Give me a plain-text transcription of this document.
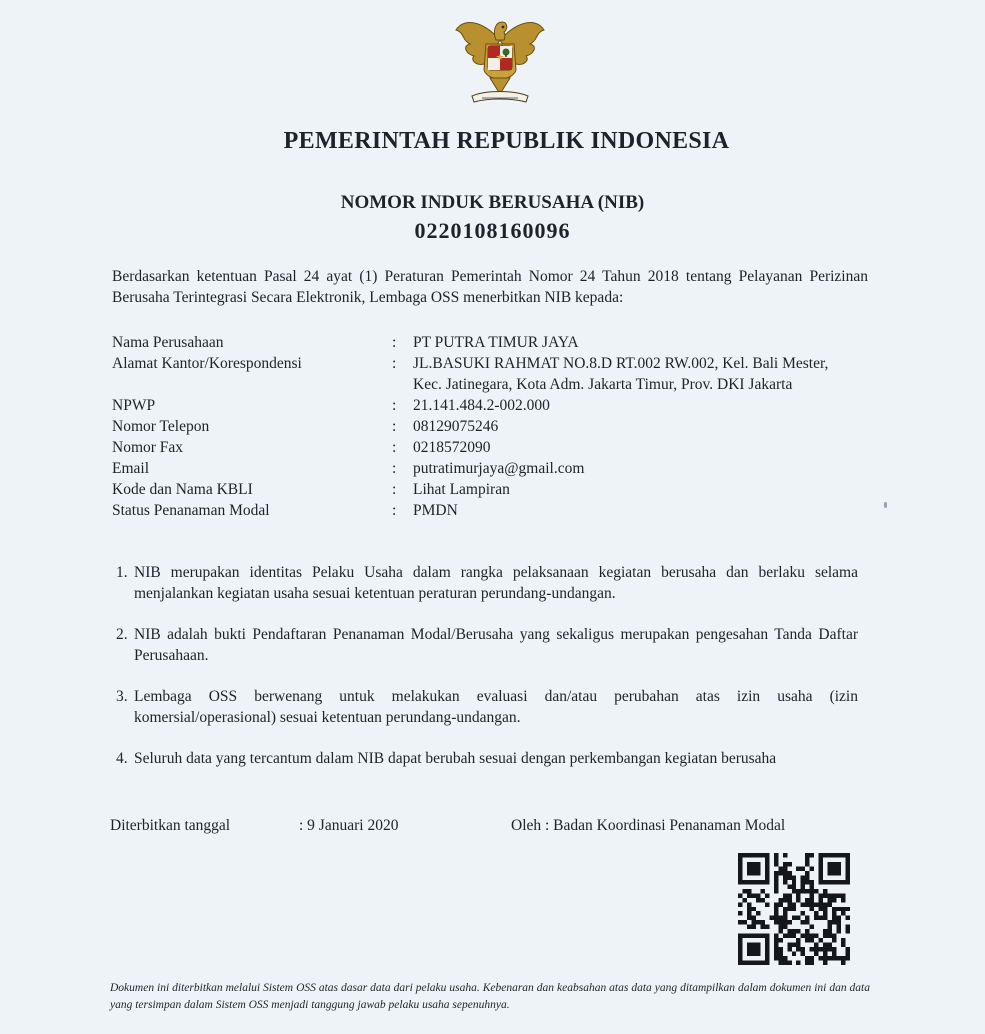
PEMERINTAH REPUBLIK INDONESIA
NOMOR INDUK BERUSAHA (NIB)
0220108160096
Berdasarkan ketentuan Pasal 24 ayat (1) Peraturan Pemerintah Nomor 24 Tahun 2018 tentang Pelayanan Perizinan Berusaha Terintegrasi Secara Elektronik, Lembaga OSS menerbitkan NIB kepada:
Nama Perusahaan	: PT PUTRA TIMUR JAYA
Alamat Kantor/Korespondensi	: JL.BASUKI RAHMAT NO.8.D RT.002 RW.002, Kel. Bali Mester, Kec. Jatinegara, Kota Adm. Jakarta Timur, Prov. DKI Jakarta
NPWP	: 21.141.484.2-002.000
Nomor Telepon	: 08129075246
Nomor Fax	: 0218572090
Email	: putratimurjaya@gmail.com
Kode dan Nama KBLI	: Lihat Lampiran
Status Penanaman Modal	: PMDN
1. NIB merupakan identitas Pelaku Usaha dalam rangka pelaksanaan kegiatan berusaha dan berlaku selama menjalankan kegiatan usaha sesuai ketentuan peraturan perundang-undangan.
2. NIB adalah bukti Pendaftaran Penanaman Modal/Berusaha yang sekaligus merupakan pengesahan Tanda Daftar Perusahaan.
3. Lembaga OSS berwenang untuk melakukan evaluasi dan/atau perubahan atas izin usaha (izin komersial/operasional) sesuai ketentuan perundang-undangan.
4. Seluruh data yang tercantum dalam NIB dapat berubah sesuai dengan perkembangan kegiatan berusaha
Diterbitkan tanggal	: 9 Januari 2020	Oleh : Badan Koordinasi Penanaman Modal
Dokumen ini diterbitkan melalui Sistem OSS atas dasar data dari pelaku usaha. Kebenaran dan keabsahan atas data yang ditampilkan dalam dokumen ini dan data yang tersimpan dalam Sistem OSS menjadi tanggung jawab pelaku usaha sepenuhnya.
